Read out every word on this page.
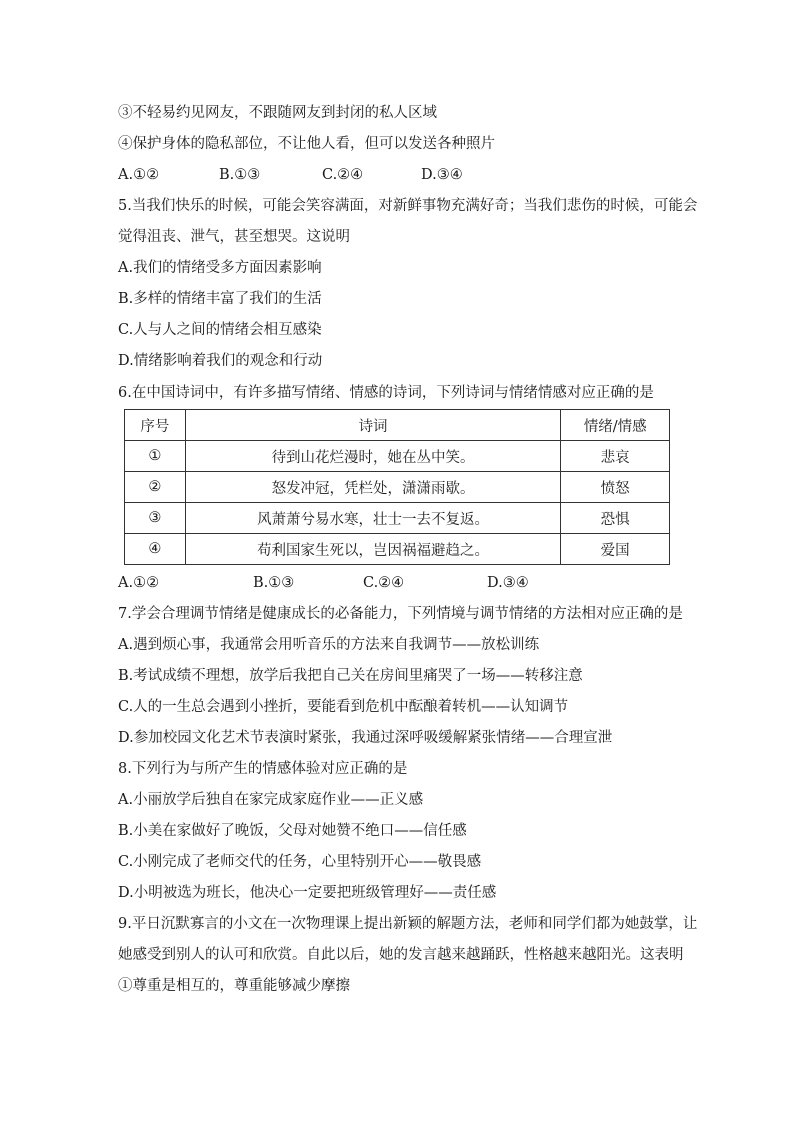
③不轻易约见网友，不跟随网友到封闭的私人区域
④保护身体的隐私部位，不让他人看，但可以发送各种照片
A.①②	B.①③	C.②④	D.③④
5.当我们快乐的时候，可能会笑容满面，对新鲜事物充满好奇；当我们悲伤的时候，可能会
觉得沮丧、泄气，甚至想哭。这说明
A.我们的情绪受多方面因素影响
B.多样的情绪丰富了我们的生活
C.人与人之间的情绪会相互感染
D.情绪影响着我们的观念和行动
6.在中国诗词中，有许多描写情绪、情感的诗词，下列诗词与情绪情感对应正确的是
序号	诗词	情绪/情感
①	待到山花烂漫时，她在丛中笑。	悲哀
②	怒发冲冠，凭栏处，潇潇雨歇。	愤怒
③	风萧萧兮易水寒，壮士一去不复返。	恐惧
④	苟利国家生死以，岂因祸福避趋之。	爱国
A.①②	B.①③	C.②④	D.③④
7.学会合理调节情绪是健康成长的必备能力，下列情境与调节情绪的方法相对应正确的是
A.遇到烦心事，我通常会用听音乐的方法来自我调节——放松训练
B.考试成绩不理想，放学后我把自己关在房间里痛哭了一场——转移注意
C.人的一生总会遇到小挫折，要能看到危机中酝酿着转机——认知调节
D.参加校园文化艺术节表演时紧张，我通过深呼吸缓解紧张情绪——合理宣泄
8.下列行为与所产生的情感体验对应正确的是
A.小丽放学后独自在家完成家庭作业——正义感
B.小美在家做好了晚饭，父母对她赞不绝口——信任感
C.小刚完成了老师交代的任务，心里特别开心——敬畏感
D.小明被选为班长，他决心一定要把班级管理好——责任感
9.平日沉默寡言的小文在一次物理课上提出新颖的解题方法，老师和同学们都为她鼓掌，让
她感受到别人的认可和欣赏。自此以后，她的发言越来越踊跃，性格越来越阳光。这表明
①尊重是相互的，尊重能够减少摩擦
